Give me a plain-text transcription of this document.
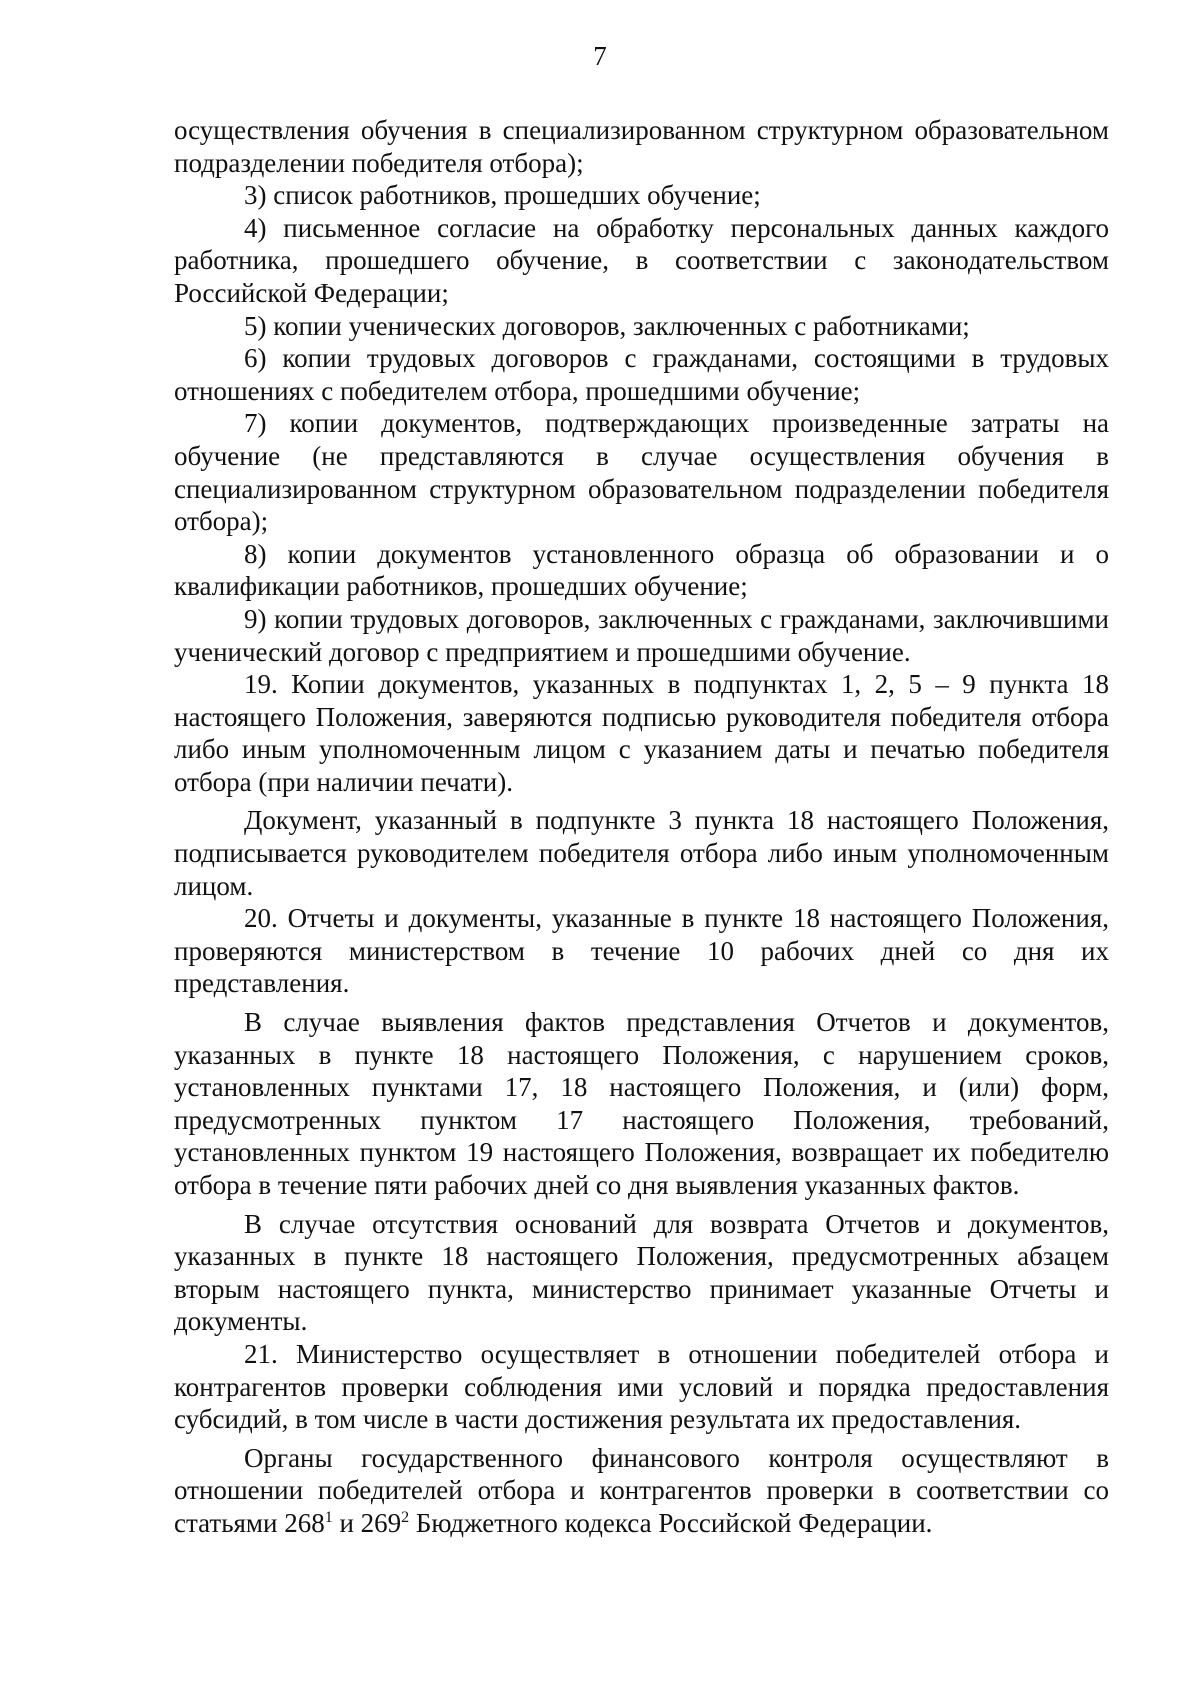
7

осуществления обучения в специализированном структурном образовательном подразделении победителя отбора);

3) список работников, прошедших обучение;

4) письменное согласие на обработку персональных данных каждого работника, прошедшего обучение, в соответствии с законодательством Российской Федерации;

5) копии ученических договоров, заключенных с работниками;

6) копии трудовых договоров с гражданами, состоящими в трудовых отношениях с победителем отбора, прошедшими обучение;

7) копии документов, подтверждающих произведенные затраты на обучение (не представляются в случае осуществления обучения в специализированном структурном образовательном подразделении победителя отбора);

8) копии документов установленного образца об образовании и о квалификации работников, прошедших обучение;

9) копии трудовых договоров, заключенных с гражданами, заключившими ученический договор с предприятием и прошедшими обучение.

19. Копии документов, указанных в подпунктах 1, 2, 5 – 9 пункта 18 настоящего Положения, заверяются подписью руководителя победителя отбора либо иным уполномоченным лицом с указанием даты и печатью победителя отбора (при наличии печати).

Документ, указанный в подпункте 3 пункта 18 настоящего Положения, подписывается руководителем победителя отбора либо иным уполномоченным лицом.

20. Отчеты и документы, указанные в пункте 18 настоящего Положения, проверяются министерством в течение 10 рабочих дней со дня их представления.

В случае выявления фактов представления Отчетов и документов, указанных в пункте 18 настоящего Положения, с нарушением сроков, установленных пунктами 17, 18 настоящего Положения, и (или) форм, предусмотренных пунктом 17 настоящего Положения, требований, установленных пунктом 19 настоящего Положения, возвращает их победителю отбора в течение пяти рабочих дней со дня выявления указанных фактов.

В случае отсутствия оснований для возврата Отчетов и документов, указанных в пункте 18 настоящего Положения, предусмотренных абзацем вторым настоящего пункта, министерство принимает указанные Отчеты и документы.

21. Министерство осуществляет в отношении победителей отбора и контрагентов проверки соблюдения ими условий и порядка предоставления субсидий, в том числе в части достижения результата их предоставления.

Органы государственного финансового контроля осуществляют в отношении победителей отбора и контрагентов проверки в соответствии со

статьями $268^1$ и $269^2$ Бюджетного кодекса Российской Федерации.
